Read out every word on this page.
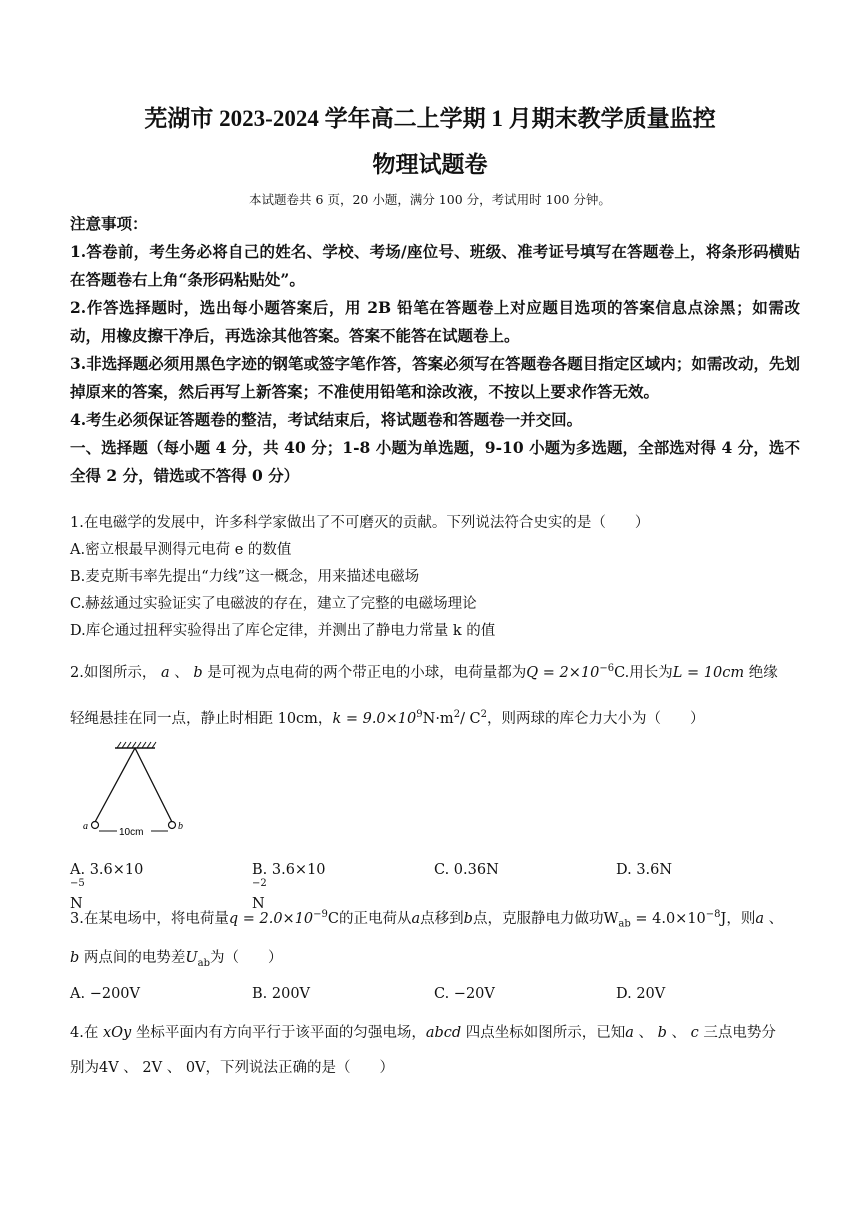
芜湖市 2023-2024 学年高二上学期 1 月期末教学质量监控
物理试题卷
本试题卷共 6 页，20 小题，满分 100 分，考试用时 100 分钟。

注意事项：

1.答卷前，考生务必将自己的姓名、学校、考场/座位号、班级、准考证号填写在答题卷上，将条形码横贴在答题卷右上角“条形码粘贴处”。

2.作答选择题时，选出每小题答案后，用 2B 铅笔在答题卷上对应题目选项的答案信息点涂黑；如需改动，用橡皮擦干净后，再选涂其他答案。答案不能答在试题卷上。

3.非选择题必须用黑色字迹的钢笔或签字笔作答，答案必须写在答题卷各题目指定区域内；如需改动，先划掉原来的答案，然后再写上新答案；不准使用铅笔和涂改液，不按以上要求作答无效。

4.考生必须保证答题卷的整洁，考试结束后，将试题卷和答题卷一并交回。

一、选择题（每小题 4 分，共 40 分；1-8 小题为单选题，9-10 小题为多选题，全部选对得 4 分，选不全得 2 分，错选或不答得 0 分）

1.在电磁学的发展中，许多科学家做出了不可磨灭的贡献。下列说法符合史实的是（　　）
A.密立根最早测得元电荷 e 的数值
B.麦克斯韦率先提出“力线”这一概念，用来描述电磁场
C.赫兹通过实验证实了电磁波的存在，建立了完整的电磁场理论
D.库仑通过扭秤实验得出了库仑定律，并测出了静电力常量 k 的值
2.如图所示， a 、 b 是可视为点电荷的两个带正电的小球，电荷量都为$Q = 2\times 10^{-6}C$.用长为L = 10cm 绝缘
轻绳悬挂在同一点，静止时相距 10cm，$k = 9.0\times 10^9N\cdot m^2/$ $C^2$，则两球的库仑力大小为（　　）
a	b
10cm
A. $3.6\times 10^{-5}$ N
B. $3.6\times 10^{-2}$ N
C. 0.36N	D. 3.6N
3.在某电场中，将电荷量$q = 2.0\times 10^{-9}C$的正电荷从a点移到b点，克服静电力做功$W_{ab} = 4.0\times 10^{-8}J$，则a 、
b 两点间的电势差$U_{ab}$为（　　）
A. −200V	B. 200V	C. −20V	D. 20V
4.在 xOy 坐标平面内有方向平行于该平面的匀强电场，abcd 四点坐标如图所示，已知a 、 b 、 c 三点电势分
别为4V 、 2V 、 0V，下列说法正确的是（　　）
